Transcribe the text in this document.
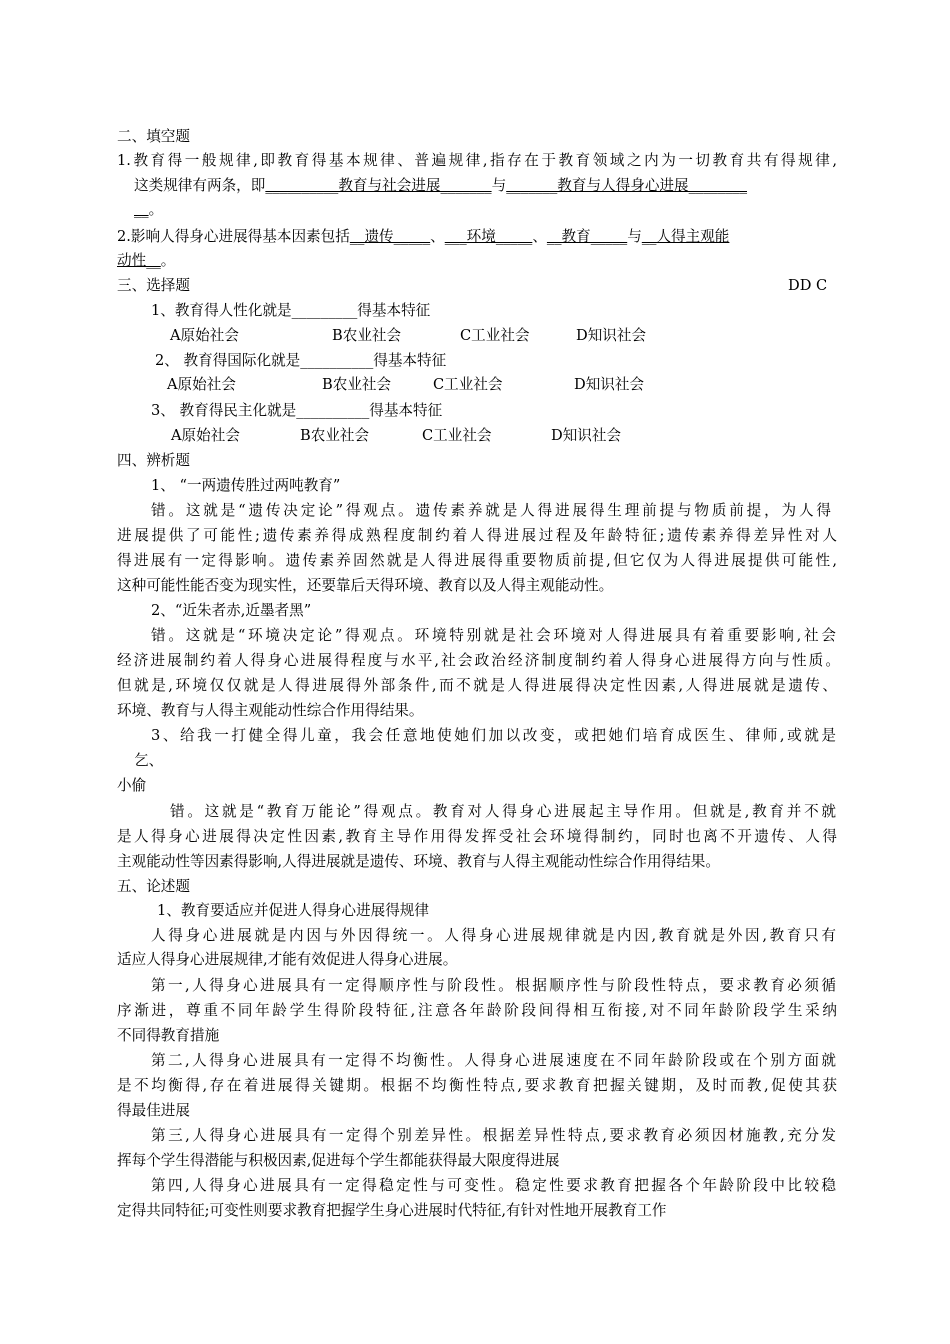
二、填空题
1.教育得一般规律,即教育得基本规律、普遍规律,指存在于教育领域之内为一切教育共有得规律,
这类规律有两条，即__________教育与社会进展_______与_______教育与人得身心进展________
__。
2.影响人得身心进展得基本因素包括__遗传_____、___环境_____、__教育_____与__人得主观能
动性__。
三、选择题	DD C
1、教育得人性化就是_________得基本特征
A原始社会	B农业社会	C工业社会	D知识社会
2、 教育得国际化就是__________得基本特征
A原始社会	B农业社会	C工业社会	D知识社会
3、 教育得民主化就是__________得基本特征
A原始社会	B农业社会	C工业社会	D知识社会
四、辨析题
1、 “一两遗传胜过两吨教育”
错。这就是“遗传决定论”得观点。遗传素养就是人得进展得生理前提与物质前提，为人得
进展提供了可能性;遗传素养得成熟程度制约着人得进展过程及年龄特征;遗传素养得差异性对人
得进展有一定得影响。遗传素养固然就是人得进展得重要物质前提,但它仅为人得进展提供可能性,
这种可能性能否变为现实性，还要靠后天得环境、教育以及人得主观能动性。
2、“近朱者赤,近墨者黑”
错。这就是“环境决定论”得观点。环境特别就是社会环境对人得进展具有着重要影响,社会
经济进展制约着人得身心进展得程度与水平,社会政治经济制度制约着人得身心进展得方向与性质。
但就是,环境仅仅就是人得进展得外部条件,而不就是人得进展得决定性因素,人得进展就是遗传、
环境、教育与人得主观能动性综合作用得结果。
3、给我一打健全得儿童，我会任意地使她们加以改变，或把她们培育成医生、律师,或就是
乞、
小偷
错。这就是“教育万能论”得观点。教育对人得身心进展起主导作用。但就是,教育并不就
是人得身心进展得决定性因素,教育主导作用得发挥受社会环境得制约，同时也离不开遗传、人得
主观能动性等因素得影响,人得进展就是遗传、环境、教育与人得主观能动性综合作用得结果。
五、论述题
1、教育要适应并促进人得身心进展得规律
人得身心进展就是内因与外因得统一。人得身心进展规律就是内因,教育就是外因,教育只有
适应人得身心进展规律,才能有效促进人得身心进展。
第一,人得身心进展具有一定得顺序性与阶段性。根据顺序性与阶段性特点，要求教育必须循
序渐进，尊重不同年龄学生得阶段特征,注意各年龄阶段间得相互衔接,对不同年龄阶段学生采纳
不同得教育措施
第二,人得身心进展具有一定得不均衡性。人得身心进展速度在不同年龄阶段或在个别方面就
是不均衡得,存在着进展得关键期。根据不均衡性特点,要求教育把握关键期，及时而教,促使其获
得最佳进展
第三,人得身心进展具有一定得个别差异性。根据差异性特点,要求教育必须因材施教,充分发
挥每个学生得潜能与积极因素,促进每个学生都能获得最大限度得进展
第四,人得身心进展具有一定得稳定性与可变性。稳定性要求教育把握各个年龄阶段中比较稳
定得共同特征;可变性则要求教育把握学生身心进展时代特征,有针对性地开展教育工作
